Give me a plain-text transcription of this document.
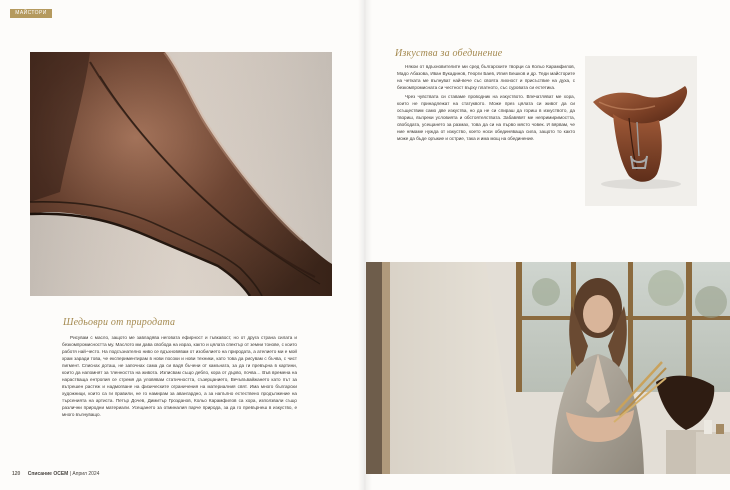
МАЙСТОРИ
Шедьоври от природата

Рисувам с масло, защото ме завладява неговата ефирност и гъвкавост, но от друга страна силата и безкомпромисността му. Маслото ми дава свобода на израз, както и цялата спектър от земни тонове, с които работя най-често. На подсъзнателно ниво се вдъхновявам от изобилието на природата, а ателието ми е мой храм заради това, че експериментирам в нови посоки и нови техники, като това да рисувам с бъчва, с чист пигмент. Списнах доташ, не започнах сама да си вадя бъчени от камъната, за да ги превърна в картини, които да напомнят за тленността на живота. Изписвам също дебло, кора от дърво, почва… Във времена на нарастваща ентропия се стремя да уловявам статичността, съзерцанието, Вечъвъвайжането като път за вътрешен растеж и надмогване на физическите ограничения на материалния свят. Има много български художници, които са ги правили, не го намирам за авангардно, а за напълно естествено продължение на търсенията на артиста. Петър Дочев, Димитър Грозданов, Кольо Карамфилов са хора, използвали също различни природни материали. Усещането за отминалия парче природа, за да го превърнеш в изкуство, е много вълнуващо.

Изкуства за обединение

Някои от вдъхновителите ми сред българските творци са Кольо Карамфилов, Мадо Абазова, Иван Вукадинов, Георги Баев, Илия Бешков и др. Теди майсторите на четката ме вълнуват най-вече със своята лихност и присъствие на духа, с безкомпромисната си честност върху платното, със суровата си естетика.

Чрез чувствата си ставаме проводник на изкуството. Впечатляват ме хора, които не принадлежат на статуквото. Може през цялата си живот да си осъществим само две изкуства, но да не си спираш да гориш в изкуството, да твориш, въпреки условията и обстоятелствата. Забавявят ме непримиримостта, свободата, усещането за размах, това да си на първо място човек. И вярвам, че ние нямаме нужда от изкуство, което носи обединяваща сила, защото то както може да бъде оръжие и острие, така и има мощ на обединение.

120 Списание ОСЕМ | Април 2024
